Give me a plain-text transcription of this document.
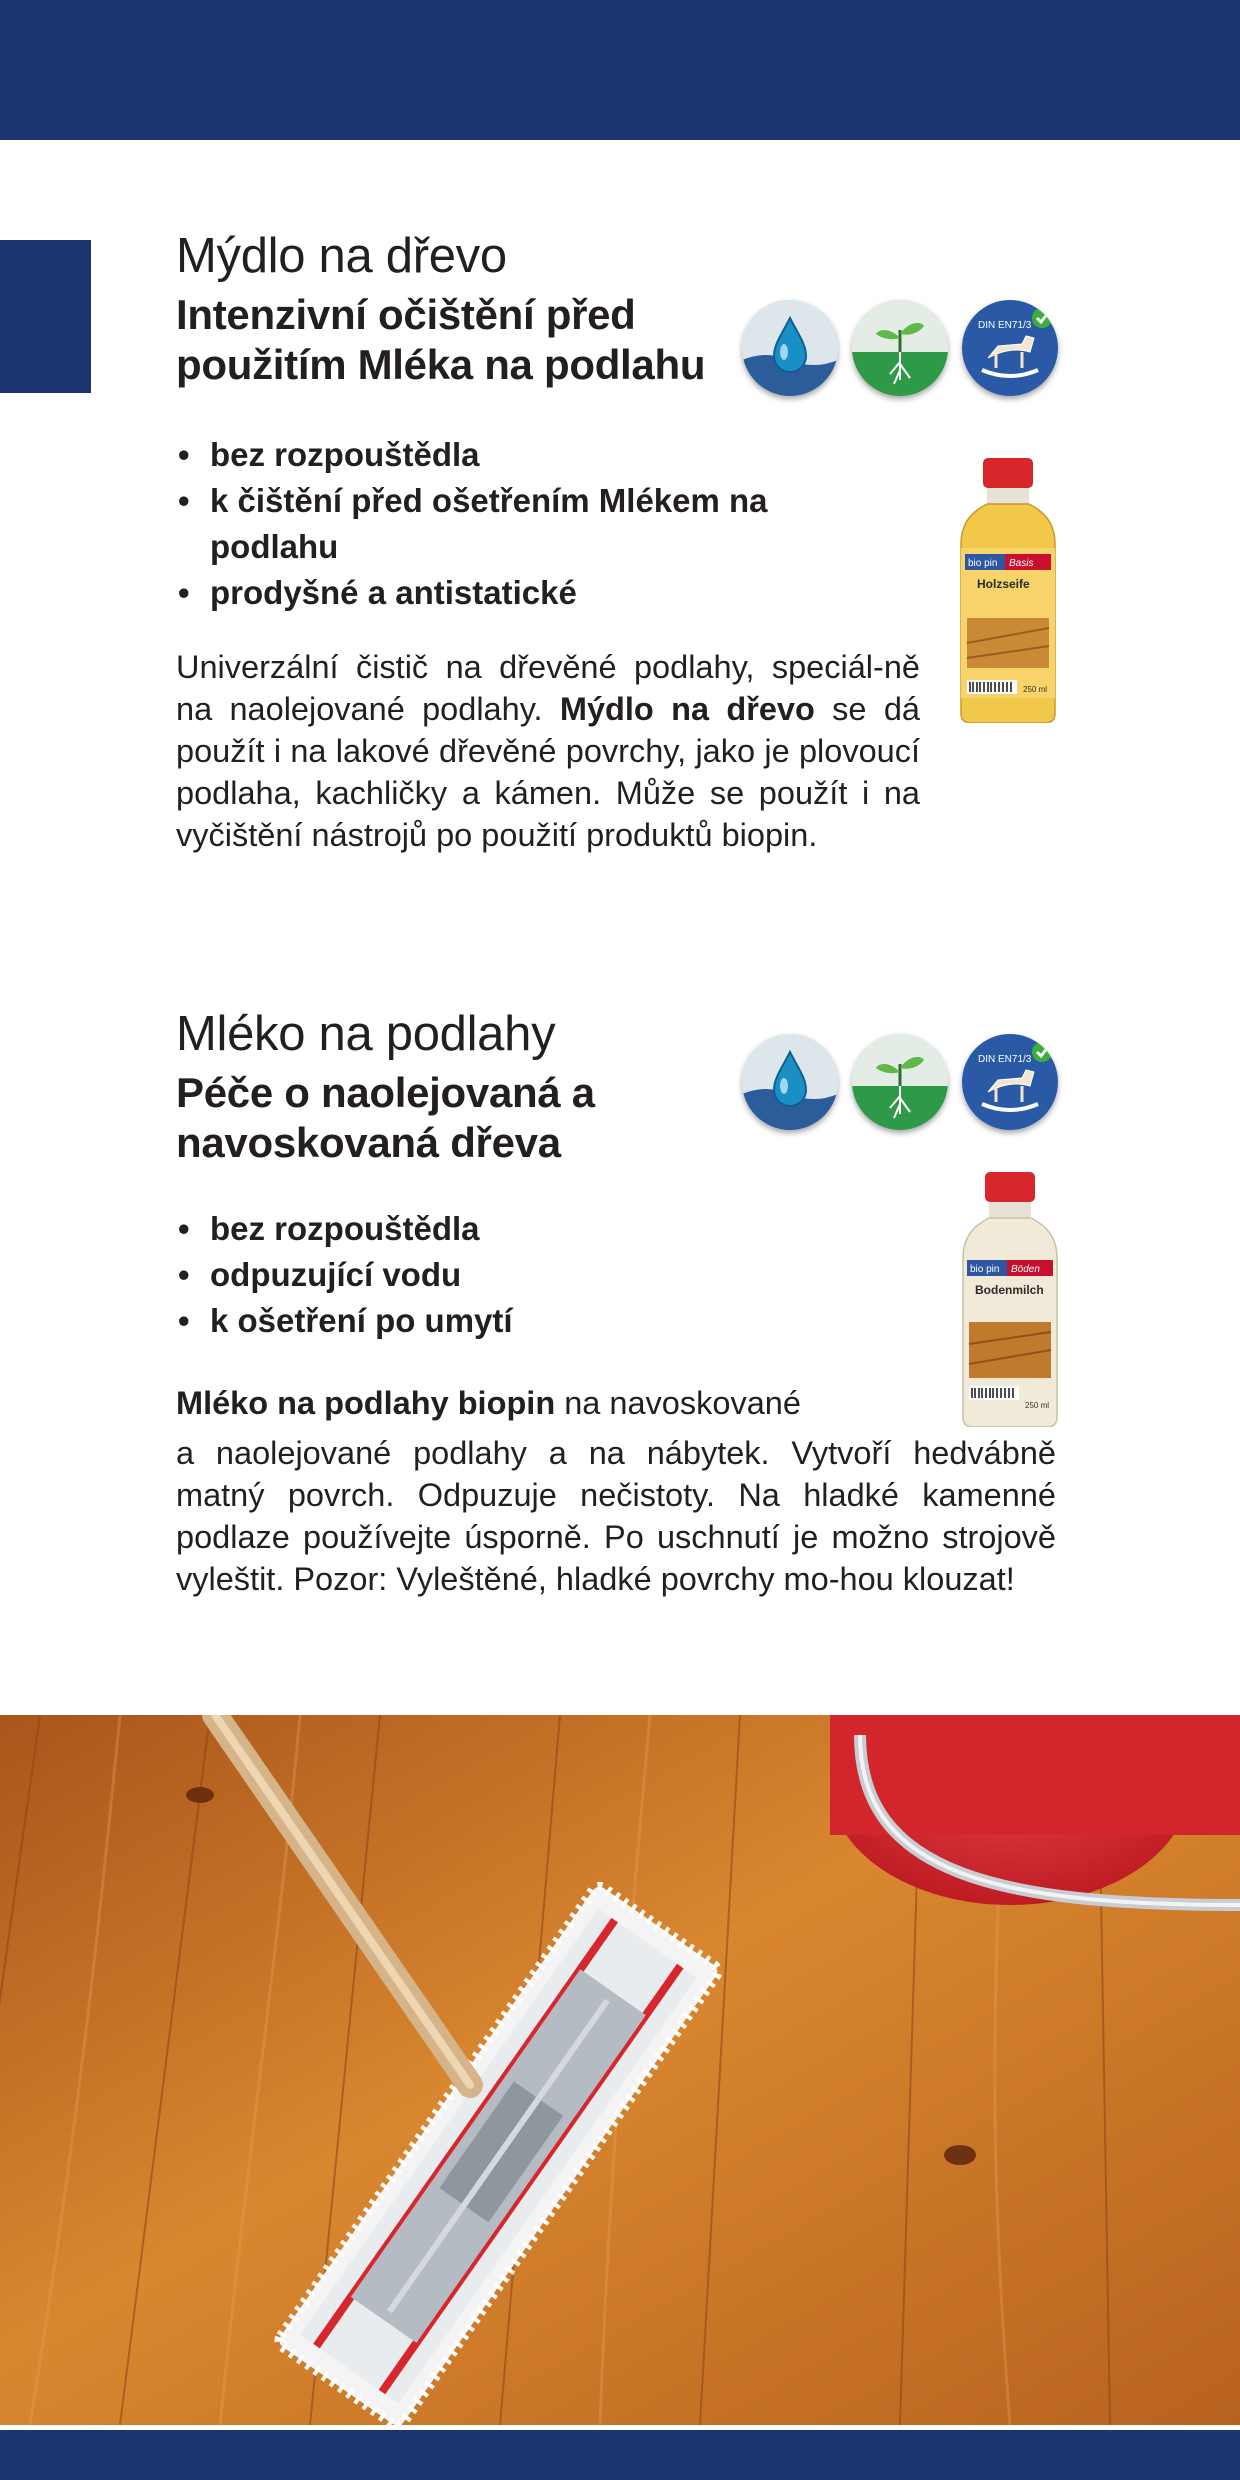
Mýdlo na dřevo
Intenzivní očištění před
použitím Mléka na podlahu
DIN EN71/3
• bez rozpouštědla
• k čištění před ošetřením Mlékem na podlahu
• prodyšné a antistatické
bio pin Basis
Holzseife
250 ml

Univerzální čistič na dřevěné podlahy, speciál-ně na naolejované podlahy. Mýdlo na dřevo se dá použít i na lakové dřevěné povrchy, jako je plovoucí podlaha, kachličky a kámen. Může se použít i na vyčištění nástrojů po použití produktů biopin.

Mléko na podlahy
Péče o naolejovaná a
navoskovaná dřeva
DIN EN71/3
• bez rozpouštědla
• odpuzující vodu
• k ošetření po umytí
bio pin Böden
Bodenmilch
250 ml

Mléko na podlahy biopin na navoskované

a naolejované podlahy a na nábytek. Vytvoří hedvábně matný povrch. Odpuzuje nečistoty. Na hladké kamenné podlaze používejte úsporně. Po uschnutí je možno strojově vyleštit. Pozor: Vyleštěné, hladké povrchy mo-hou klouzat!
